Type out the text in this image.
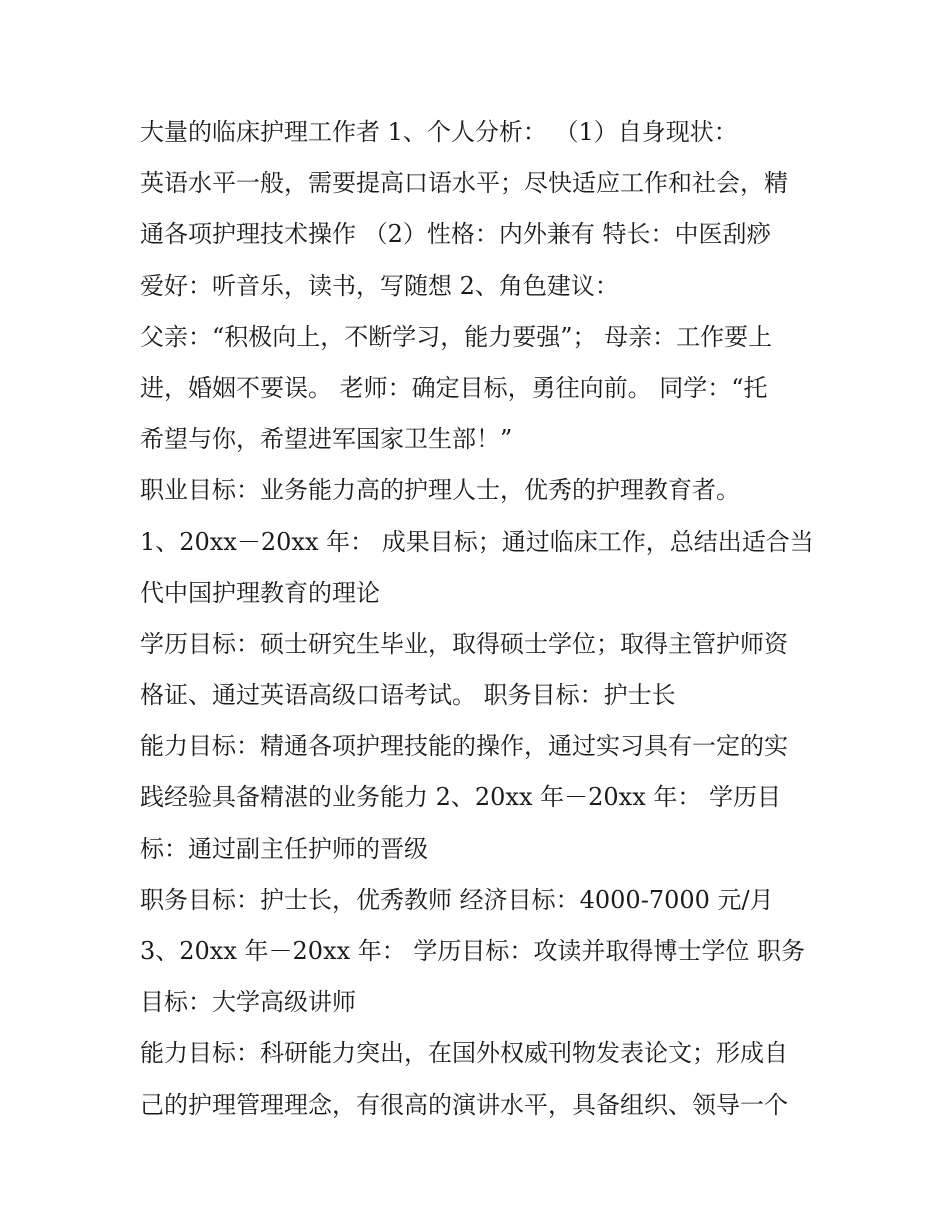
大量的临床护理工作者 1、个人分析： （1）自身现状：
英语水平一般，需要提高口语水平；尽快适应工作和社会，精
通各项护理技术操作 （2）性格：内外兼有 特长：中医刮痧
爱好：听音乐，读书，写随想 2、角色建议：
父亲：“积极向上，不断学习，能力要强”； 母亲：工作要上
进，婚姻不要误。 老师：确定目标，勇往向前。 同学：“托
希望与你，希望进军国家卫生部！”
职业目标：业务能力高的护理人士，优秀的护理教育者。
1、20xx－20xx 年： 成果目标；通过临床工作，总结出适合当
代中国护理教育的理论
学历目标：硕士研究生毕业，取得硕士学位；取得主管护师资
格证、通过英语高级口语考试。 职务目标：护士长
能力目标：精通各项护理技能的操作，通过实习具有一定的实
践经验具备精湛的业务能力 2、20xx 年－20xx 年： 学历目
标：通过副主任护师的晋级
职务目标：护士长，优秀教师 经济目标：4000-7000 元/月
3、20xx 年－20xx 年： 学历目标：攻读并取得博士学位 职务
目标：大学高级讲师
能力目标：科研能力突出，在国外权威刊物发表论文；形成自
己的护理管理理念，有很高的演讲水平，具备组织、领导一个
